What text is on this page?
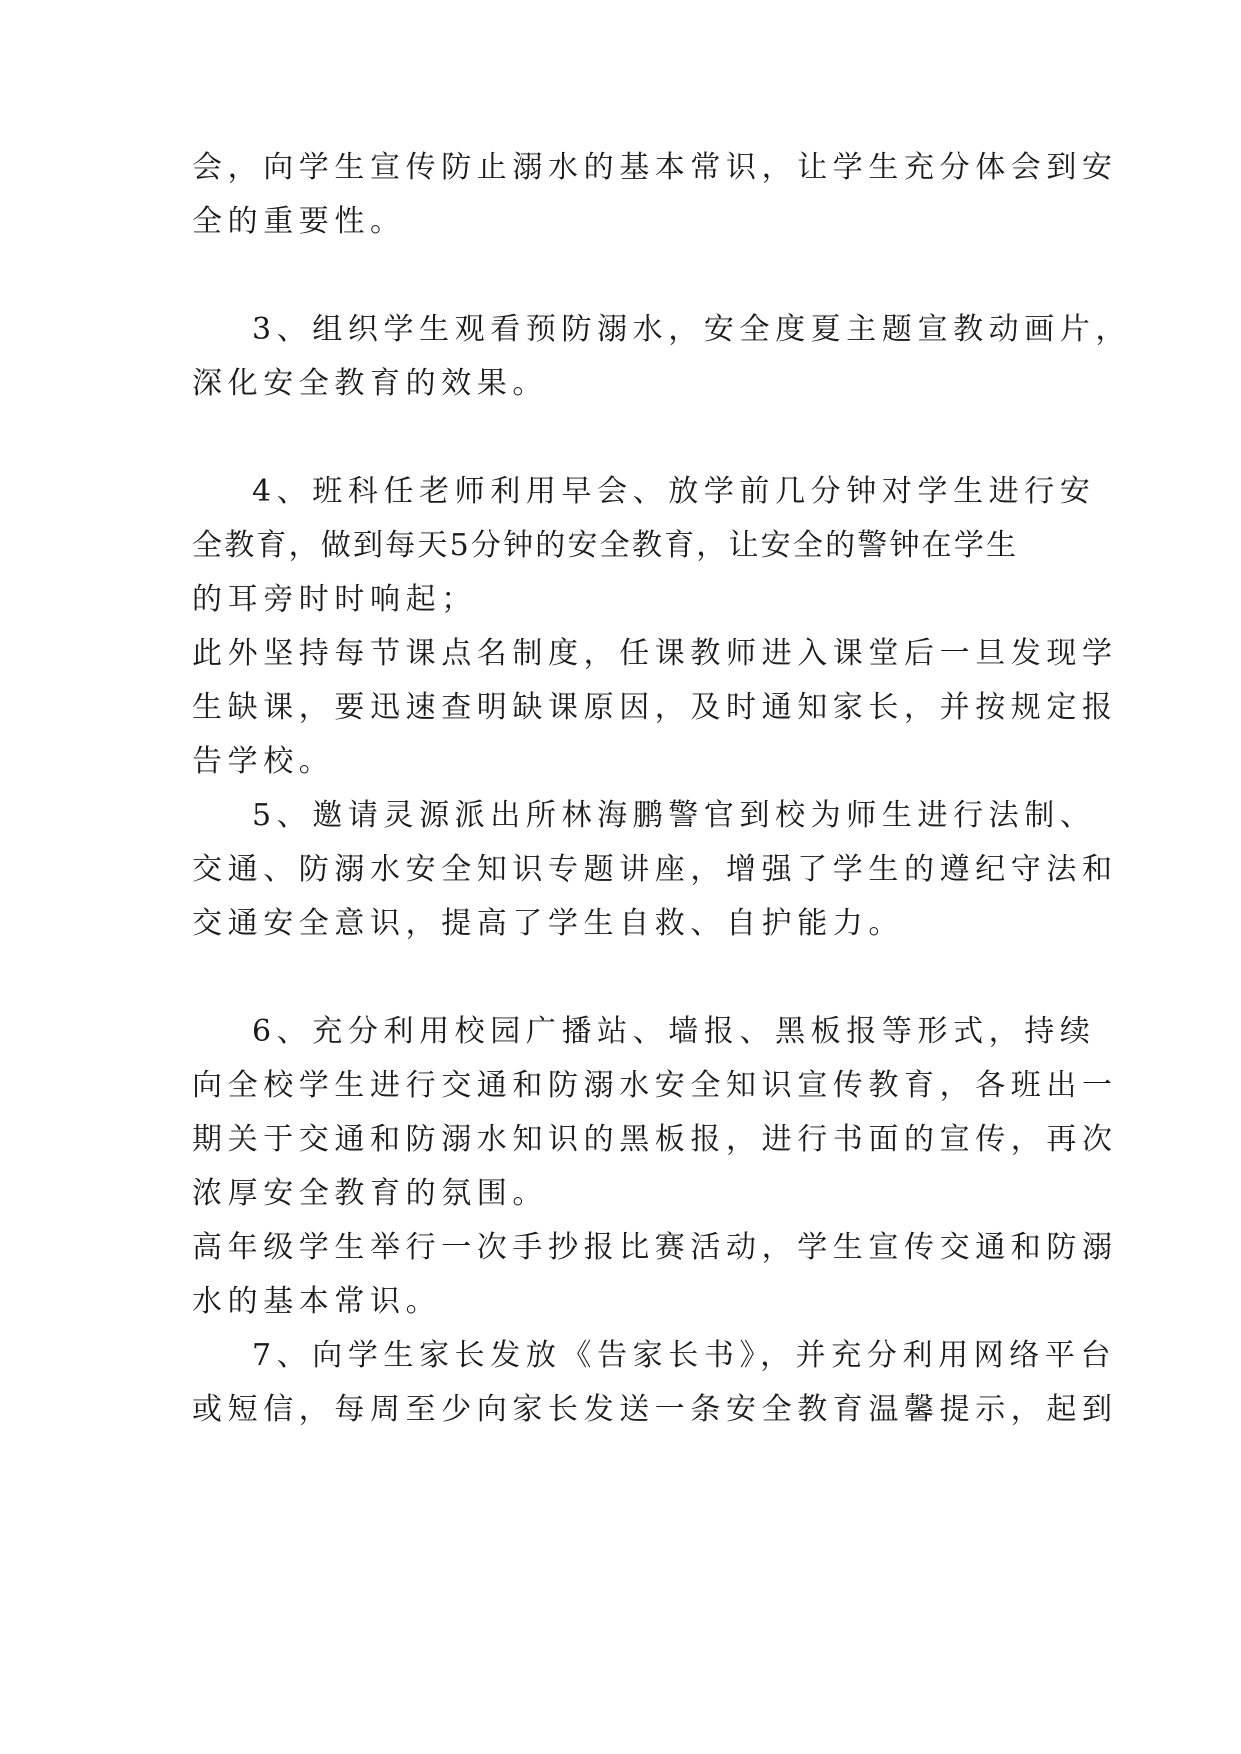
会，向学生宣传防止溺水的基本常识，让学生充分体会到安
全的重要性。
3、组织学生观看预防溺水，安全度夏主题宣教动画片，
深化安全教育的效果。
4、班科任老师利用早会、放学前几分钟对学生进行安
全教育，做到每天5分钟的安全教育，让安全的警钟在学生
的耳旁时时响起；
此外坚持每节课点名制度，任课教师进入课堂后一旦发现学
生缺课，要迅速查明缺课原因，及时通知家长，并按规定报
告学校。
5、邀请灵源派出所林海鹏警官到校为师生进行法制、
交通、防溺水安全知识专题讲座，增强了学生的遵纪守法和
交通安全意识，提高了学生自救、自护能力。
6、充分利用校园广播站、墙报、黑板报等形式，持续
向全校学生进行交通和防溺水安全知识宣传教育，各班出一
期关于交通和防溺水知识的黑板报，进行书面的宣传，再次
浓厚安全教育的氛围。
高年级学生举行一次手抄报比赛活动，学生宣传交通和防溺
水的基本常识。
7、向学生家长发放《告家长书》，并充分利用网络平台
或短信，每周至少向家长发送一条安全教育温馨提示，起到
